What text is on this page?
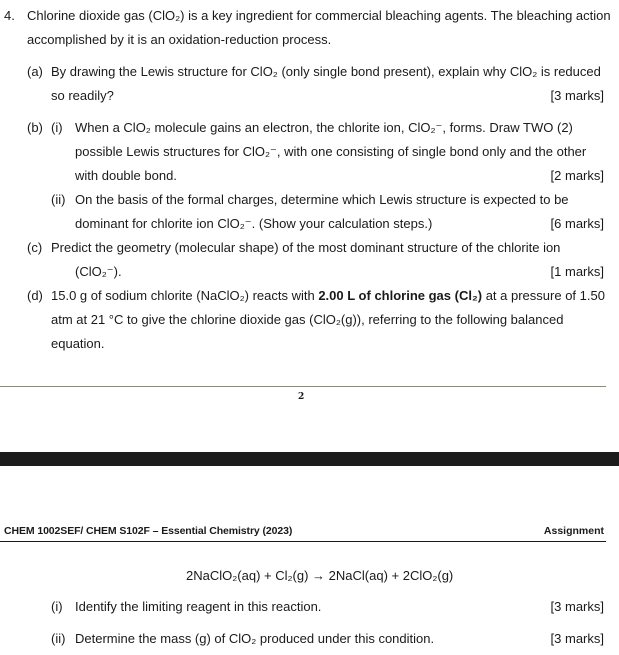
4. Chlorine dioxide gas (ClO₂) is a key ingredient for commercial bleaching agents. The bleaching action
accomplished by it is an oxidation-reduction process.
(a) By drawing the Lewis structure for ClO₂ (only single bond present), explain why ClO₂ is reduced
so readily?	[3 marks]
(b) (i) When a ClO₂ molecule gains an electron, the chlorite ion, ClO₂⁻, forms. Draw TWO (2)
possible Lewis structures for ClO₂⁻, with one consisting of single bond only and the other
with double bond.	[2 marks]
(ii) On the basis of the formal charges, determine which Lewis structure is expected to be
dominant for chlorite ion ClO₂⁻. (Show your calculation steps.)	[6 marks]
(c) Predict the geometry (molecular shape) of the most dominant structure of the chlorite ion
(ClO₂⁻).	[1 marks]
(d) 15.0 g of sodium chlorite (NaClO₂) reacts with 2.00 L of chlorine gas (Cl₂) at a pressure of 1.50
atm at 21 °C to give the chlorine dioxide gas (ClO₂(g)), referring to the following balanced
equation.
2
CHEM 1002SEF/ CHEM S102F – Essential Chemistry (2023)	Assignment
2NaClO₂(aq) + Cl₂(g) → 2NaCl(aq) + 2ClO₂(g)
(i) Identify the limiting reagent in this reaction.	[3 marks]
(ii) Determine the mass (g) of ClO₂ produced under this condition.	[3 marks]
